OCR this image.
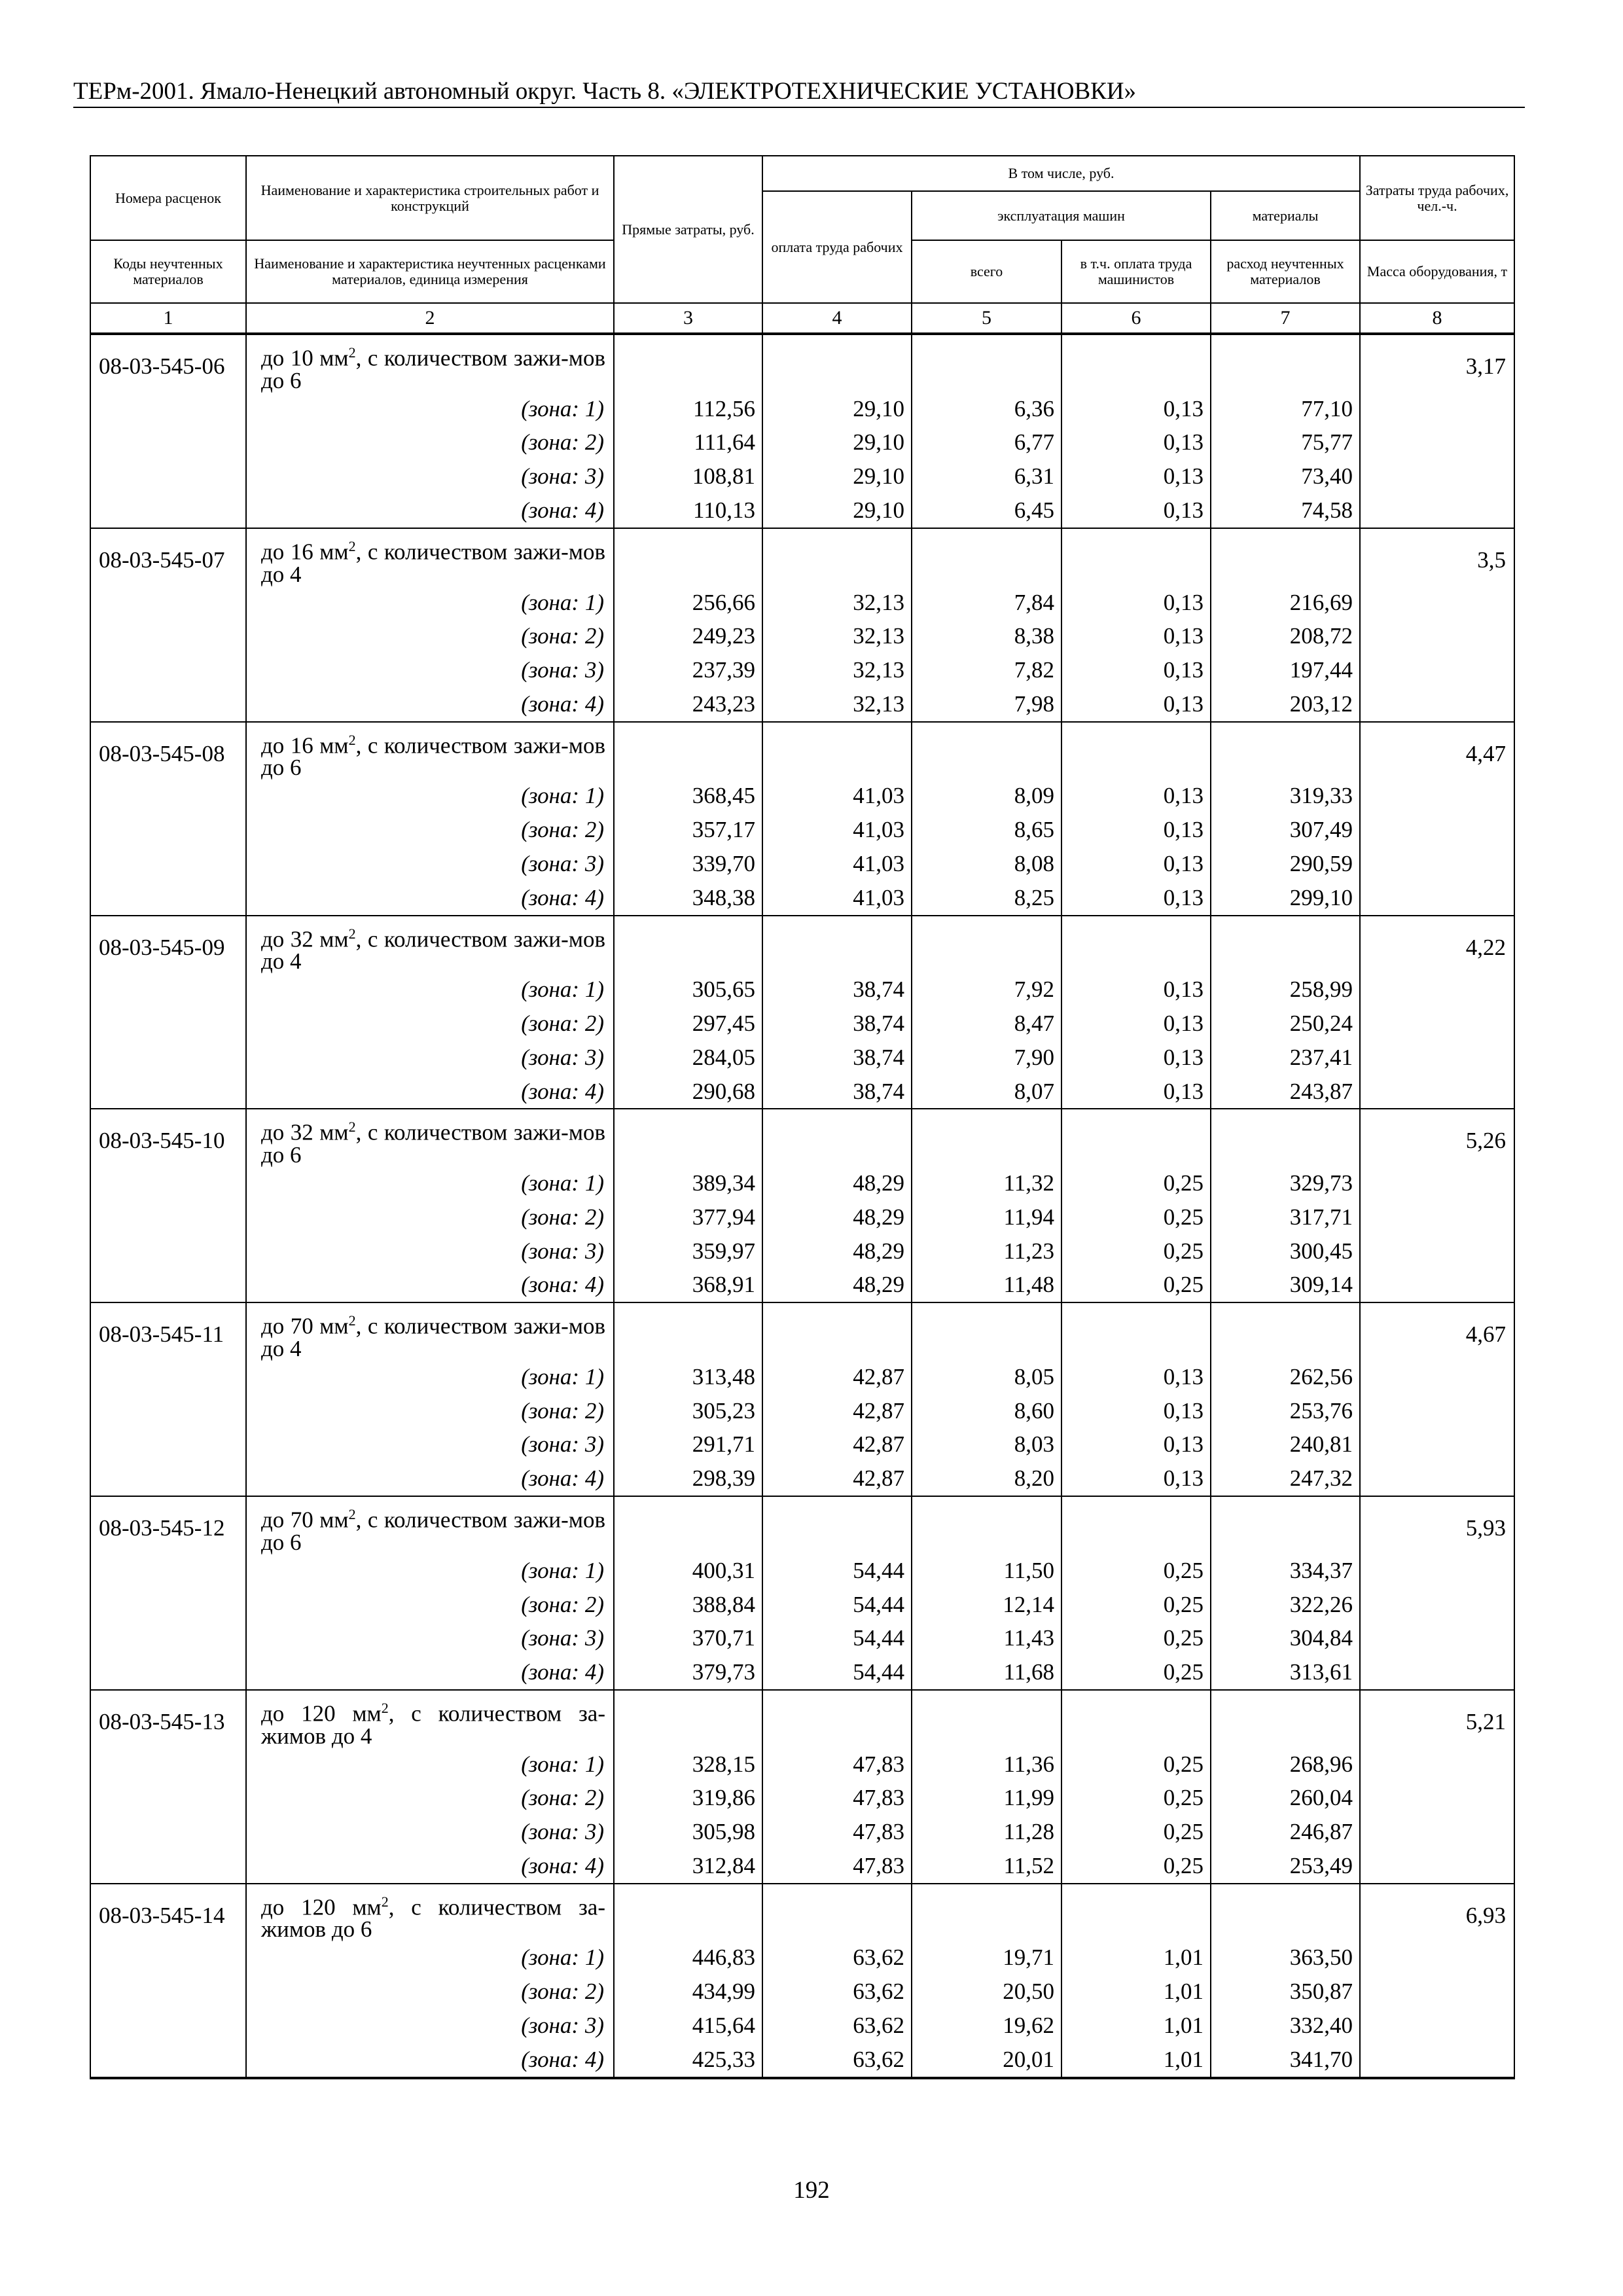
ТЕРм-2001. Ямало-Ненецкий автономный округ. Часть 8. «ЭЛЕКТРОТЕХНИЧЕСКИЕ УСТАНОВКИ»
Номера расценок	Наименование и характеристика строительных работ и конструкций	Прямые затраты, руб.	В том числе, руб.				Затраты труда рабочих, чел.-ч.
			оплата труда рабочих	эксплуатация машин		материалы	
Коды неучтенных материалов	Наименование и характеристика неучтенных расценками материалов, единица измерения			всего	в т.ч. оплата труда машинистов	расход неучтенных материалов	Масса оборудования, т
1	2	3	4	5	6	7	8
08-03-545-06	до 10 $мм^2$, с количеством зажи-мов до 6						3,17
	(зона: 1)	112,56	29,10	6,36	0,13	77,10	
	(зона: 2)	111,64	29,10	6,77	0,13	75,77	
	(зона: 3)	108,81	29,10	6,31	0,13	73,40	
	(зона: 4)	110,13	29,10	6,45	0,13	74,58	
08-03-545-07	до 16 $мм^2$, с количеством зажи-мов до 4						3,5
	(зона: 1)	256,66	32,13	7,84	0,13	216,69	
	(зона: 2)	249,23	32,13	8,38	0,13	208,72	
	(зона: 3)	237,39	32,13	7,82	0,13	197,44	
	(зона: 4)	243,23	32,13	7,98	0,13	203,12	
08-03-545-08	до 16 $мм^2$, с количеством зажи-мов до 6						4,47
	(зона: 1)	368,45	41,03	8,09	0,13	319,33	
	(зона: 2)	357,17	41,03	8,65	0,13	307,49	
	(зона: 3)	339,70	41,03	8,08	0,13	290,59	
	(зона: 4)	348,38	41,03	8,25	0,13	299,10	
08-03-545-09	до 32 $мм^2$, с количеством зажи-мов до 4						4,22
	(зона: 1)	305,65	38,74	7,92	0,13	258,99	
	(зона: 2)	297,45	38,74	8,47	0,13	250,24	
	(зона: 3)	284,05	38,74	7,90	0,13	237,41	
	(зона: 4)	290,68	38,74	8,07	0,13	243,87	
08-03-545-10	до 32 $мм^2$, с количеством зажи-мов до 6						5,26
	(зона: 1)	389,34	48,29	11,32	0,25	329,73	
	(зона: 2)	377,94	48,29	11,94	0,25	317,71	
	(зона: 3)	359,97	48,29	11,23	0,25	300,45	
	(зона: 4)	368,91	48,29	11,48	0,25	309,14	
08-03-545-11	до 70 $мм^2$, с количеством зажи-мов до 4						4,67
	(зона: 1)	313,48	42,87	8,05	0,13	262,56	
	(зона: 2)	305,23	42,87	8,60	0,13	253,76	
	(зона: 3)	291,71	42,87	8,03	0,13	240,81	
	(зона: 4)	298,39	42,87	8,20	0,13	247,32	
08-03-545-12	до 70 $мм^2$, с количеством зажи-мов до 6						5,93
	(зона: 1)	400,31	54,44	11,50	0,25	334,37	
	(зона: 2)	388,84	54,44	12,14	0,25	322,26	
	(зона: 3)	370,71	54,44	11,43	0,25	304,84	
	(зона: 4)	379,73	54,44	11,68	0,25	313,61	
08-03-545-13	до 120 $мм^2$, с количеством за-жимов до 4						5,21
	(зона: 1)	328,15	47,83	11,36	0,25	268,96	
	(зона: 2)	319,86	47,83	11,99	0,25	260,04	
	(зона: 3)	305,98	47,83	11,28	0,25	246,87	
	(зона: 4)	312,84	47,83	11,52	0,25	253,49	
08-03-545-14	до 120 $мм^2$, с количеством за-жимов до 6						6,93
	(зона: 1)	446,83	63,62	19,71	1,01	363,50	
	(зона: 2)	434,99	63,62	20,50	1,01	350,87	
	(зона: 3)	415,64	63,62	19,62	1,01	332,40	
	(зона: 4)	425,33	63,62	20,01	1,01	341,70	
192
